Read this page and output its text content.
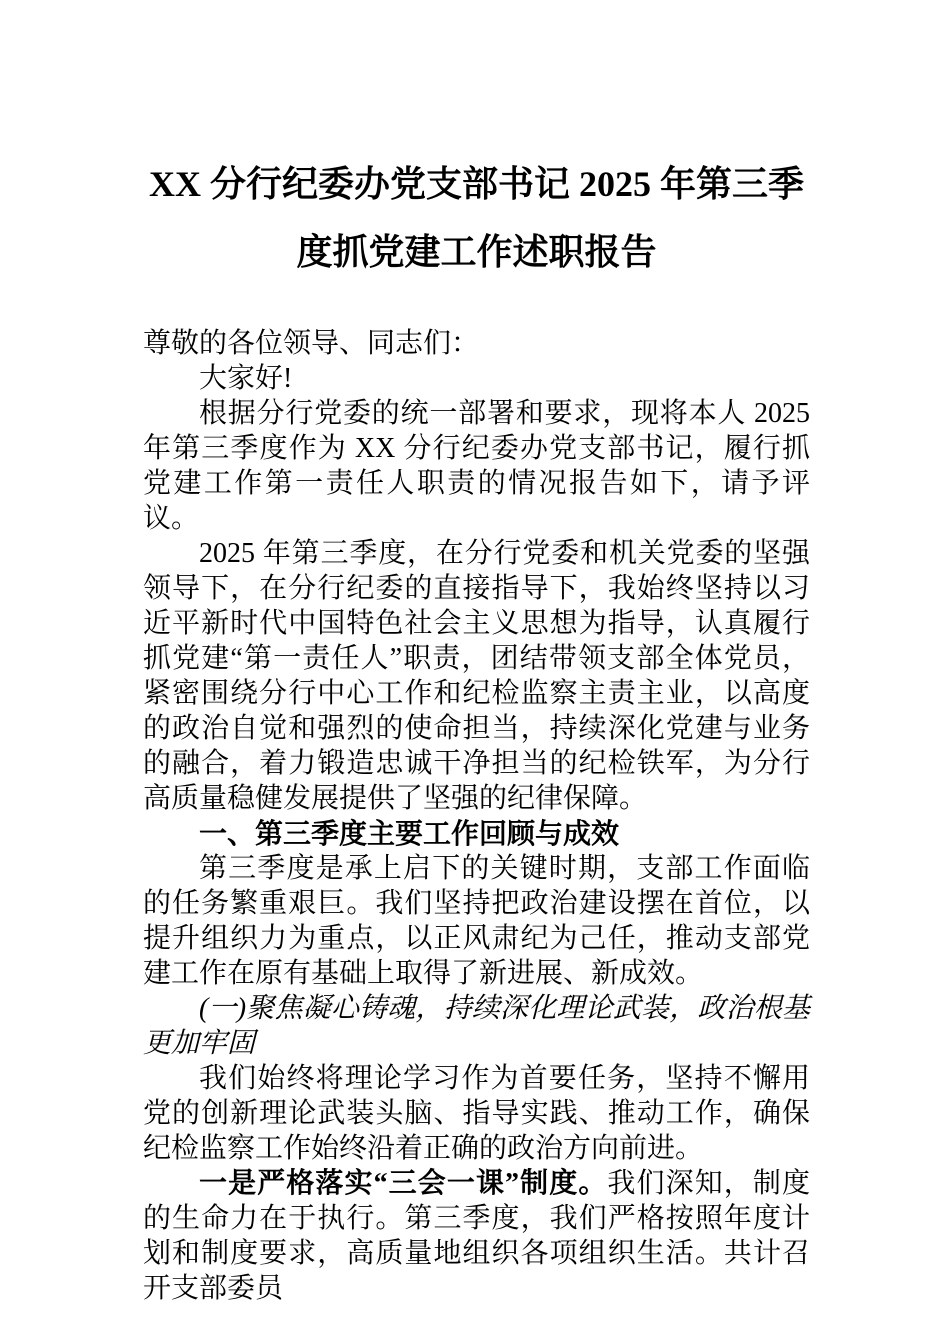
XX 分行纪委办党支部书记 2025 年第三季
度抓党建工作述职报告

尊敬的各位领导、同志们：

大家好!

根据分行党委的统一部署和要求，现将本人 2025 年第三季度作为 XX 分行纪委办党支部书记，履行抓党建工作第一责任人职责的情况报告如下，请予评议。

2025 年第三季度，在分行党委和机关党委的坚强领导下，在分行纪委的直接指导下，我始终坚持以习近平新时代中国特色社会主义思想为指导，认真履行抓党建“第一责任人”职责，团结带领支部全体党员，紧密围绕分行中心工作和纪检监察主责主业，以高度的政治自觉和强烈的使命担当，持续深化党建与业务的融合，着力锻造忠诚干净担当的纪检铁军，为分行高质量稳健发展提供了坚强的纪律保障。

一、第三季度主要工作回顾与成效

第三季度是承上启下的关键时期，支部工作面临的任务繁重艰巨。我们坚持把政治建设摆在首位，以提升组织力为重点，以正风肃纪为己任，推动支部党建工作在原有基础上取得了新进展、新成效。

(一)聚焦凝心铸魂，持续深化理论武装，政治根基更加牢固

我们始终将理论学习作为首要任务，坚持不懈用党的创新理论武装头脑、指导实践、推动工作，确保纪检监察工作始终沿着正确的政治方向前进。

一是严格落实“三会一课”制度。我们深知，制度的生命力在于执行。第三季度，我们严格按照年度计划和制度要求，高质量地组织各项组织生活。共计召开支部委员
